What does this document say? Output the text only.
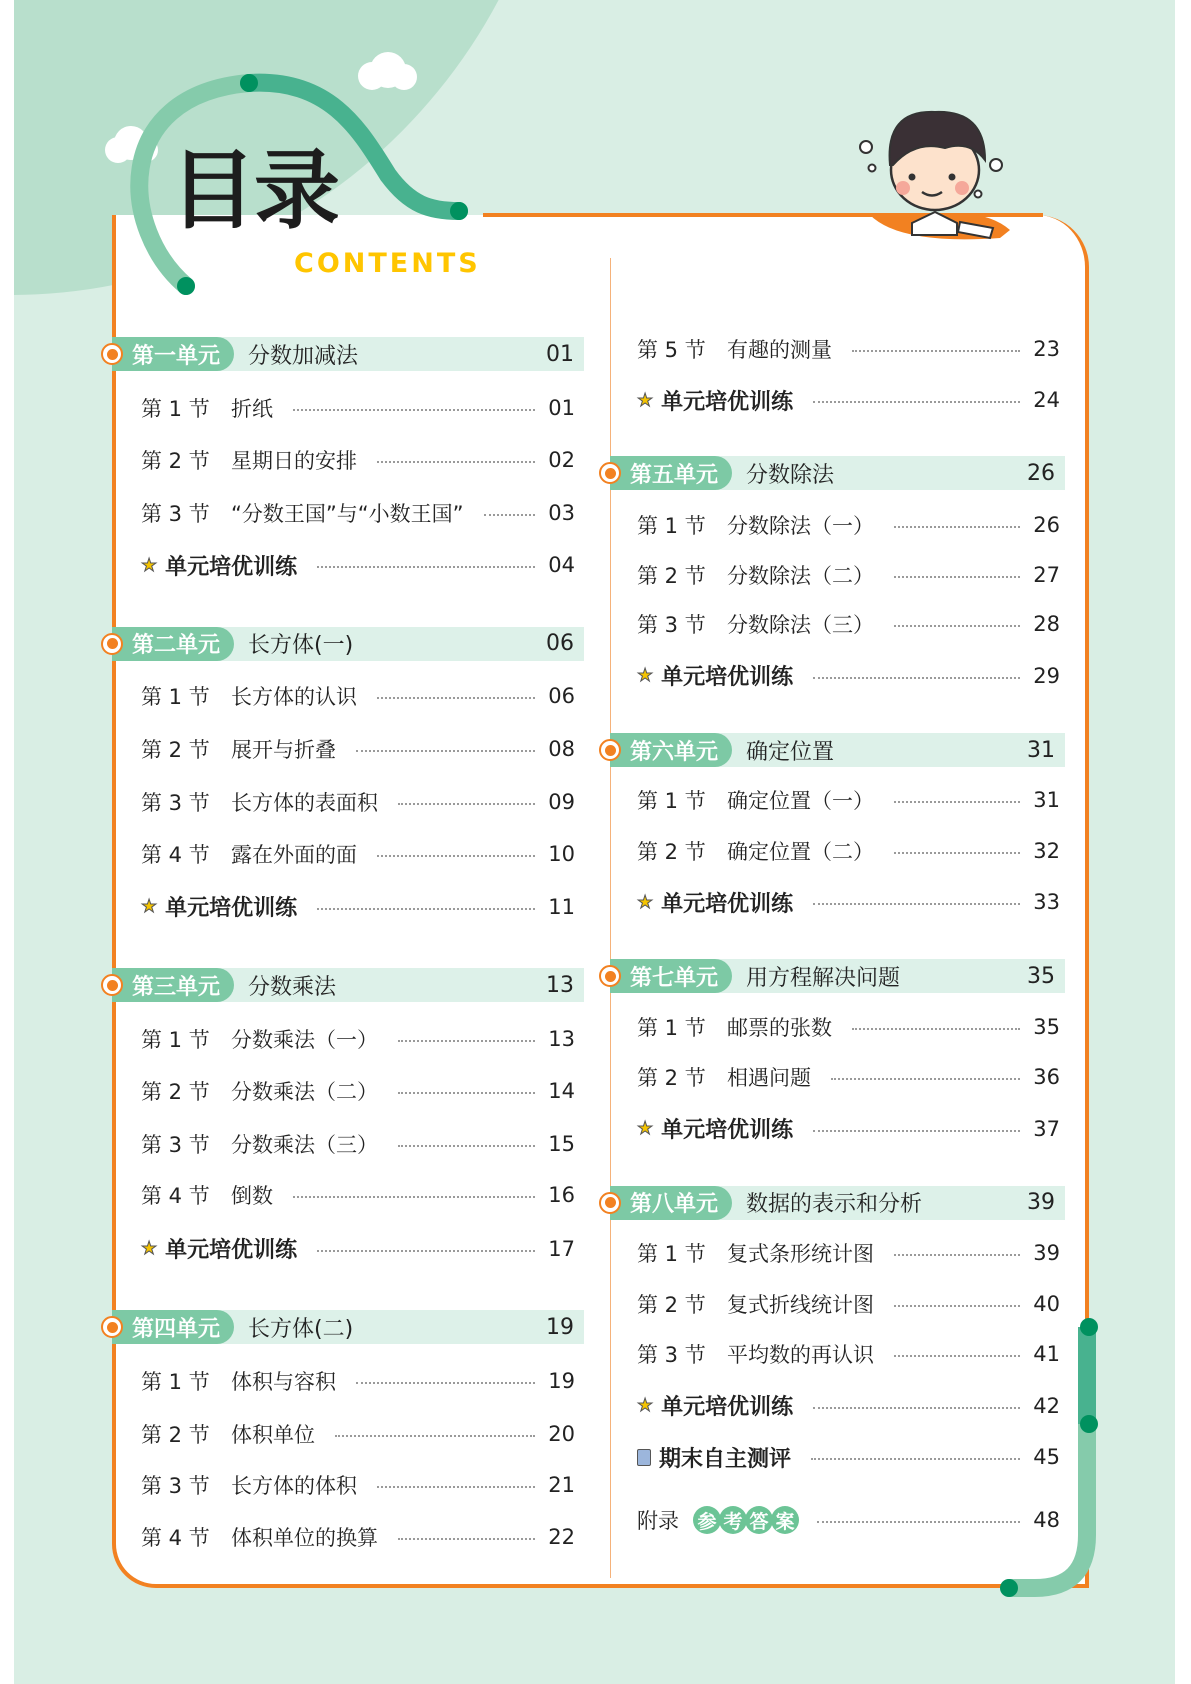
目录
CONTENTS
第一单元	分数加减法	01
第 1 节	折纸	01
第 2 节	星期日的安排	02
第 3 节	“分数王国”与“小数王国”	03
★ 单元培优训练	04
第二单元	长方体(一)	06
第 1 节	长方体的认识	06
第 2 节	展开与折叠	08
第 3 节	长方体的表面积	09
第 4 节	露在外面的面	10
★ 单元培优训练	11
第三单元	分数乘法	13
第 1 节	分数乘法（一）	13
第 2 节	分数乘法（二）	14
第 3 节	分数乘法（三）	15
第 4 节	倒数	16
★ 单元培优训练	17
第四单元	长方体(二)	19
第 1 节	体积与容积	19
第 2 节	体积单位	20
第 3 节	长方体的体积	21
第 4 节	体积单位的换算	22
第 5 节	有趣的测量	23
★ 单元培优训练	24
第五单元	分数除法	26
第 1 节	分数除法（一）	26
第 2 节	分数除法（二）	27
第 3 节	分数除法（三）	28
★ 单元培优训练	29
第六单元	确定位置	31
第 1 节	确定位置（一）	31
第 2 节	确定位置（二）	32
★ 单元培优训练	33
第七单元	用方程解决问题	35
第 1 节	邮票的张数	35
第 2 节	相遇问题	36
★ 单元培优训练	37
第八单元	数据的表示和分析	39
第 1 节	复式条形统计图	39
第 2 节	复式折线统计图	40
第 3 节	平均数的再认识	41
★ 单元培优训练	42
期末自主测评	45
附录 参 考 答 案	48
